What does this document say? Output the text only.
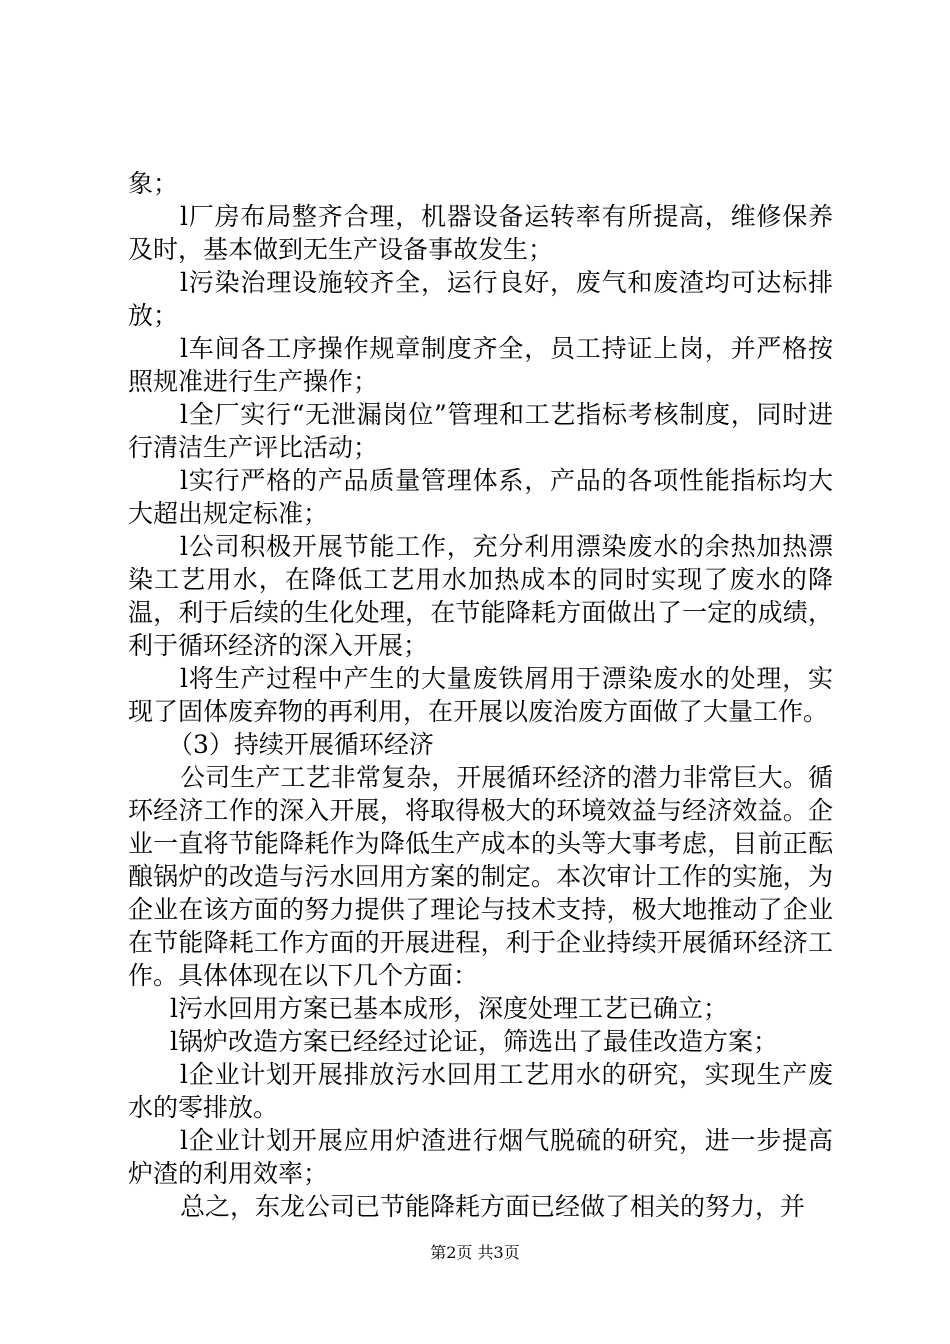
象；

l厂房布局整齐合理，机器设备运转率有所提高，维修保养及时，基本做到无生产设备事故发生；

l污染治理设施较齐全，运行良好，废气和废渣均可达标排放；

l车间各工序操作规章制度齐全，员工持证上岗，并严格按照规准进行生产操作；

l全厂实行“无泄漏岗位”管理和工艺指标考核制度，同时进行清洁生产评比活动；

l实行严格的产品质量管理体系，产品的各项性能指标均大大超出规定标准；

l公司积极开展节能工作，充分利用漂染废水的余热加热漂染工艺用水，在降低工艺用水加热成本的同时实现了废水的降温，利于后续的生化处理，在节能降耗方面做出了一定的成绩，利于循环经济的深入开展；

l将生产过程中产生的大量废铁屑用于漂染废水的处理，实现了固体废弃物的再利用，在开展以废治废方面做了大量工作。

（3）持续开展循环经济

公司生产工艺非常复杂，开展循环经济的潜力非常巨大。循环经济工作的深入开展，将取得极大的环境效益与经济效益。企业一直将节能降耗作为降低生产成本的头等大事考虑，目前正酝酿锅炉的改造与污水回用方案的制定。本次审计工作的实施，为企业在该方面的努力提供了理论与技术支持，极大地推动了企业在节能降耗工作方面的开展进程，利于企业持续开展循环经济工作。具体体现在以下几个方面：

l污水回用方案已基本成形，深度处理工艺已确立；

l锅炉改造方案已经经过论证，筛选出了最佳改造方案；

l企业计划开展排放污水回用工艺用水的研究，实现生产废水的零排放。

l企业计划开展应用炉渣进行烟气脱硫的研究，进一步提高炉渣的利用效率；

总之，东龙公司已节能降耗方面已经做了相关的努力，并

第2页 共3页
